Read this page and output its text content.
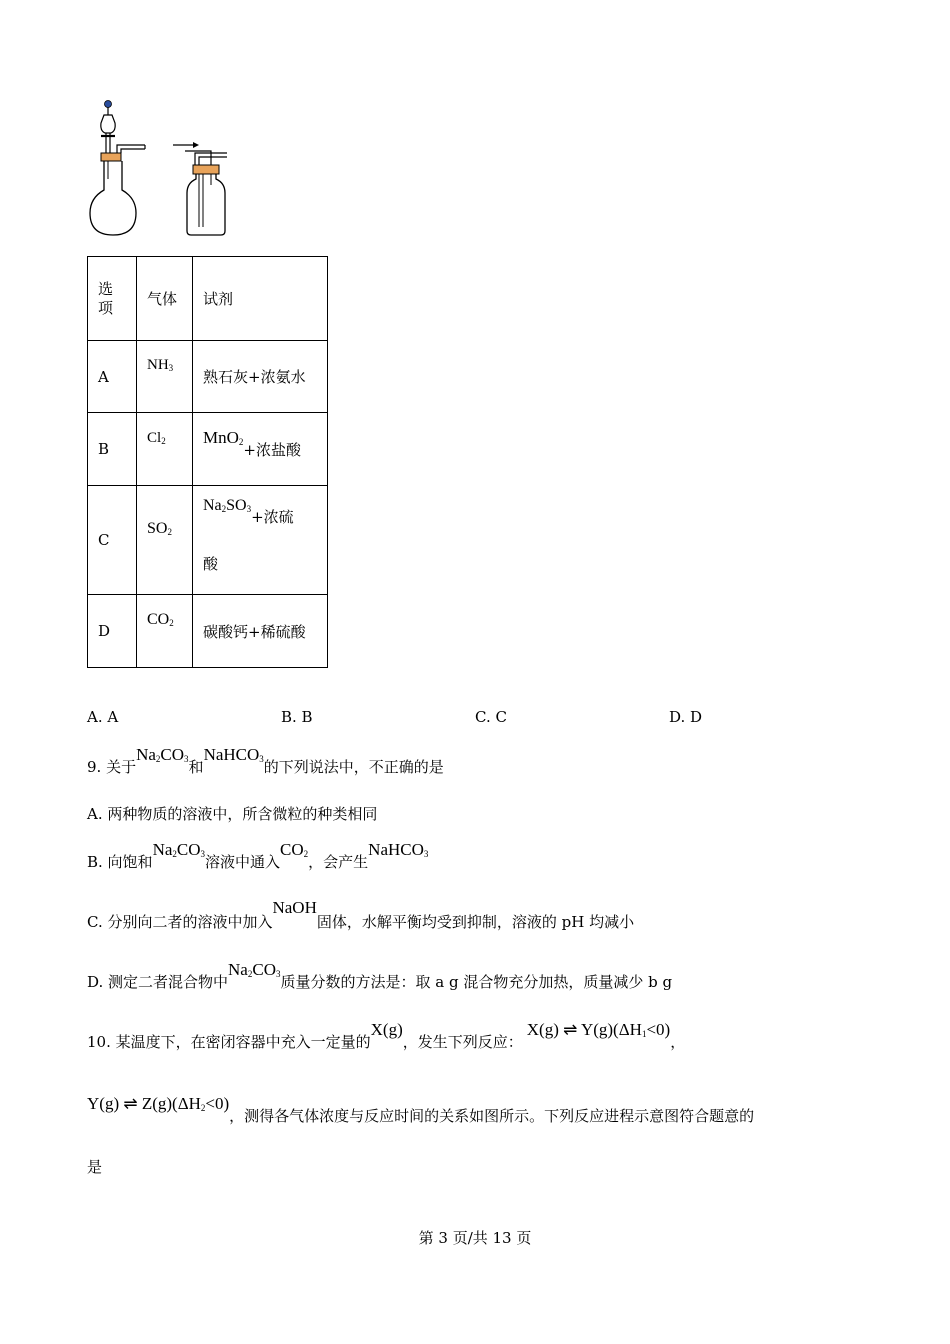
选项	气体	试剂
A	$NH_3$	熟石灰+浓氨水
B	$Cl_2$	MnO$_2$+浓盐酸
C	$SO_2$	$Na_2SO_3+$浓硫
酸

D	$CO_2$	碳酸钙+稀硫酸
A. A	B. B	C. C	D. D
9. 关于$Na_2CO_3$和NaHCO$_3$的下列说法中，不正确的是
A. 两种物质的溶液中，所含微粒的种类相同
B. 向饱和$Na_2CO_3$溶液中通入$CO_2$，会产生NaHCO$_3$
C. 分别向二者的溶液中加入NaOH固体，水解平衡均受到抑制，溶液的 pH 均减小
D. 测定二者混合物中$Na_2CO_3$质量分数的方法是：取 a g 混合物充分加热，质量减少 b g
10. 某温度下，在密闭容器中充入一定量的X(g)，发生下列反应：X(g) ⇌ $Y(g)(\Delta H_1<0)$，
Y(g) ⇌ $Z(g)(\Delta H_2<0)$，测得各气体浓度与反应时间的关系如图所示。下列反应进程示意图符合题意的
是
第 3 页/共 13 页
